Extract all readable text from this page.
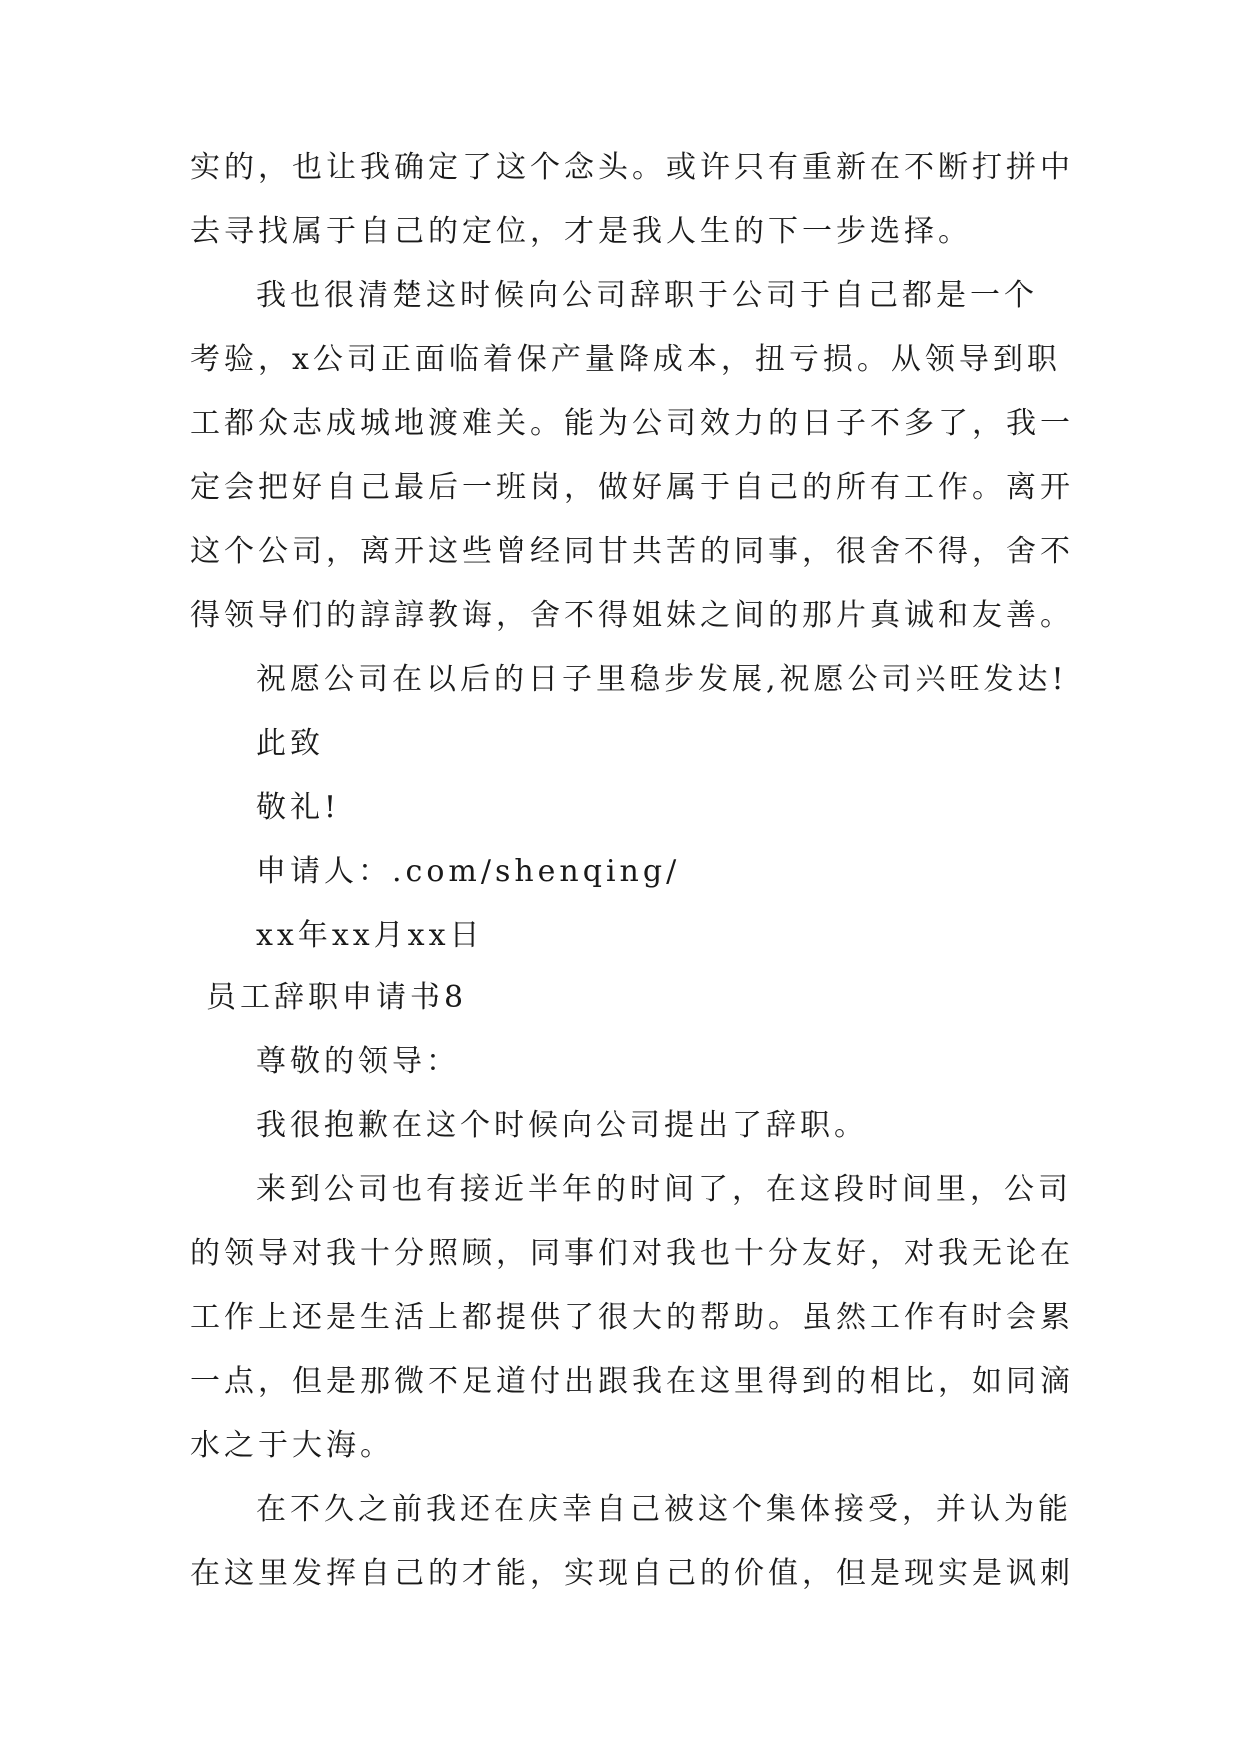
实的，也让我确定了这个念头。或许只有重新在不断打拼中
去寻找属于自己的定位，才是我人生的下一步选择。
我也很清楚这时候向公司辞职于公司于自己都是一个
考验，x公司正面临着保产量降成本，扭亏损。从领导到职
工都众志成城地渡难关。能为公司效力的日子不多了，我一
定会把好自己最后一班岗，做好属于自己的所有工作。离开
这个公司，离开这些曾经同甘共苦的同事，很舍不得，舍不
得领导们的諄諄教诲，舍不得姐妹之间的那片真诚和友善。
祝愿公司在以后的日子里稳步发展,祝愿公司兴旺发达!
此致
敬礼!
申请人：.com/shenqing/
xx年xx月xx日
员工辞职申请书8
尊敬的领导：
我很抱歉在这个时候向公司提出了辞职。
来到公司也有接近半年的时间了，在这段时间里，公司
的领导对我十分照顾，同事们对我也十分友好，对我无论在
工作上还是生活上都提供了很大的帮助。虽然工作有时会累
一点，但是那微不足道付出跟我在这里得到的相比，如同滴
水之于大海。
在不久之前我还在庆幸自己被这个集体接受，并认为能
在这里发挥自己的才能，实现自己的价值，但是现实是讽刺
